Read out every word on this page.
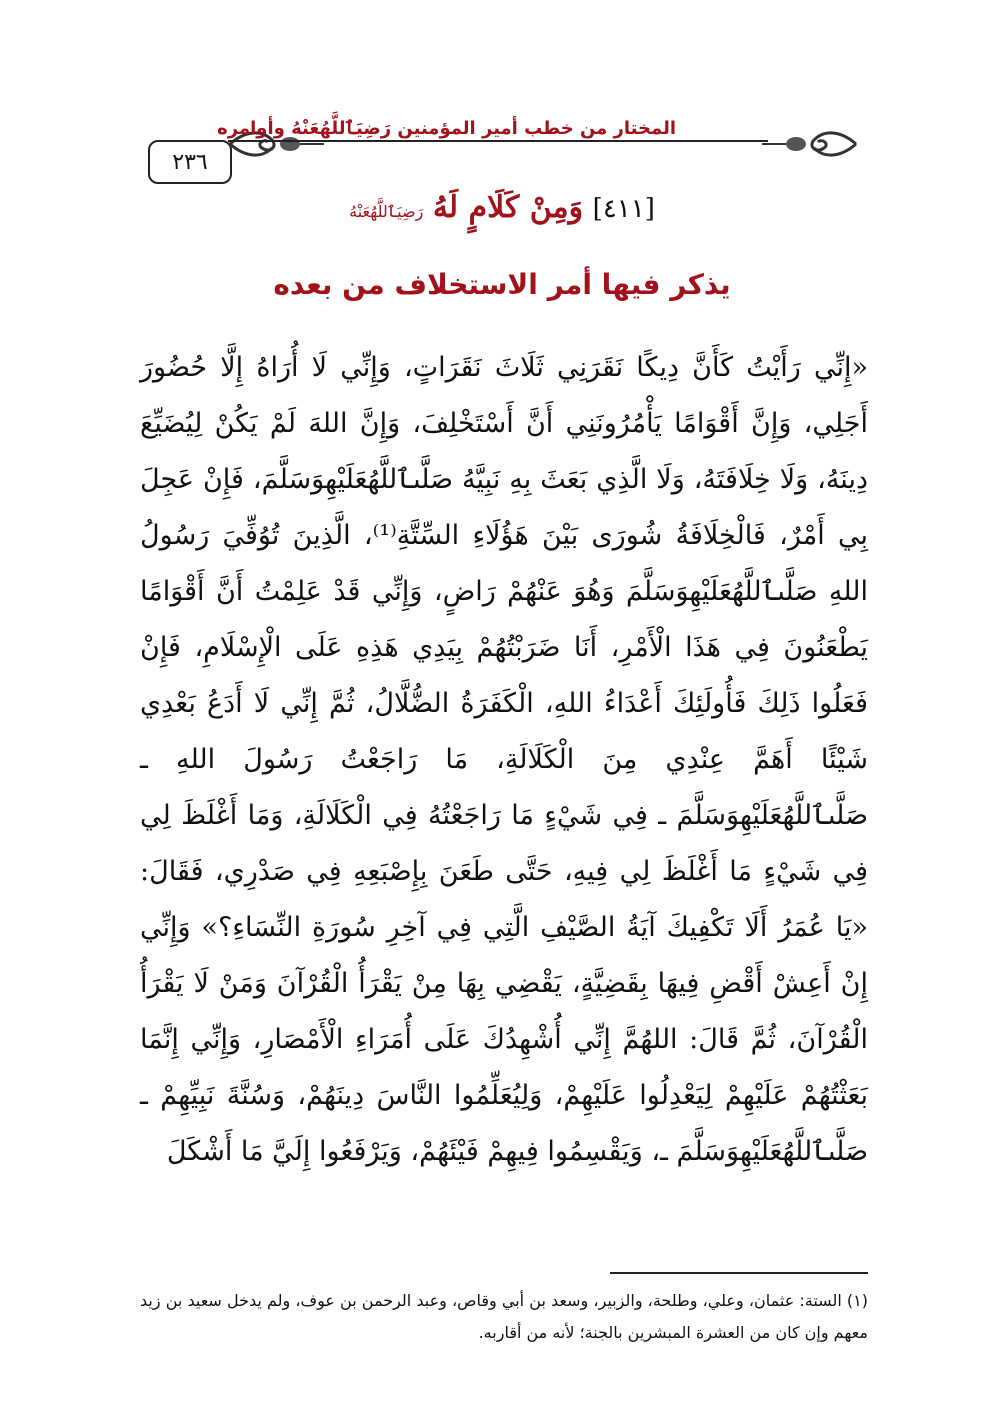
٢٣٦
المختار من خطب أمير المؤمنين رَضِيَٱللَّهُعَنْهُ وأوامره
[٤١١] وَمِنْ كَلَامٍ لَهُ رَضِيَٱللَّهُعَنْهُ
يذكر فيها أمر الاستخلاف من بعده
«إِنِّي رَأَيْتُ كَأَنَّ دِيكًا نَقَرَنِي ثَلَاثَ نَقَرَاتٍ، وَإِنِّي لَا أُرَاهُ إِلَّا حُضُورَ أَجَلِي، وَإِنَّ أَقْوَامًا يَأْمُرُونَنِي أَنَّ أَسْتَخْلِفَ، وَإِنَّ اللهَ لَمْ يَكُنْ لِيُضَيِّعَ دِينَهُ، وَلَا خِلَافَتَهُ، وَلَا الَّذِي بَعَثَ بِهِ نَبِيَّهُ صَلَّىٱللَّهُعَلَيْهِوَسَلَّمَ، فَإِنْ عَجِلَ بِي أَمْرٌ، فَالْخِلَافَةُ شُورَى بَيْنَ هَؤُلَاءِ السِّتَّةِ⁽¹⁾، الَّذِينَ تُوُفِّيَ رَسُولُ اللهِ صَلَّىٱللَّهُعَلَيْهِوَسَلَّمَ وَهُوَ عَنْهُمْ رَاضٍ، وَإِنِّي قَدْ عَلِمْتُ أَنَّ أَقْوَامًا يَطْعَنُونَ فِي هَذَا الْأَمْرِ، أَنَا ضَرَبْتُهُمْ بِيَدِي هَذِهِ عَلَى الْإِسْلَامِ، فَإِنْ فَعَلُوا ذَلِكَ فَأُولَئِكَ أَعْدَاءُ اللهِ، الْكَفَرَةُ الضُّلَّالُ، ثُمَّ إِنِّي لَا أَدَعُ بَعْدِي شَيْئًا أَهَمَّ عِنْدِي مِنَ الْكَلَالَةِ، مَا رَاجَعْتُ رَسُولَ اللهِ ـ صَلَّىٱللَّهُعَلَيْهِوَسَلَّمَ ـ فِي شَيْءٍ مَا رَاجَعْتُهُ فِي الْكَلَالَةِ، وَمَا أَغْلَظَ لِي فِي شَيْءٍ مَا أَغْلَظَ لِي فِيهِ، حَتَّى طَعَنَ بِإِصْبَعِهِ فِي صَدْرِي، فَقَالَ: «يَا عُمَرُ أَلَا تَكْفِيكَ آيَةُ الصَّيْفِ الَّتِي فِي آخِرِ سُورَةِ النِّسَاءِ؟» وَإِنِّي إِنْ أَعِشْ أَقْضِ فِيهَا بِقَضِيَّةٍ، يَقْضِي بِهَا مِنْ يَقْرَأُ الْقُرْآنَ وَمَنْ لَا يَقْرَأُ الْقُرْآنَ، ثُمَّ قَالَ: اللهُمَّ إِنِّي أُشْهِدُكَ عَلَى أُمَرَاءِ الْأَمْصَارِ، وَإِنِّي إِنَّمَا بَعَثْتُهُمْ عَلَيْهِمْ لِيَعْدِلُوا عَلَيْهِمْ، وَلِيُعَلِّمُوا النَّاسَ دِينَهُمْ، وَسُنَّةَ نَبِيِّهِمْ ـ صَلَّىٱللَّهُعَلَيْهِوَسَلَّمَ ـ، وَيَقْسِمُوا فِيهِمْ فَيْئَهُمْ، وَيَرْفَعُوا إِلَيَّ مَا أَشْكَلَ
(١) الستة: عثمان، وعلي، وطلحة، والزبير، وسعد بن أبي وقاص، وعبد الرحمن بن عوف، ولم يدخل سعيد بن زيد معهم وإن كان من العشرة المبشرين بالجنة؛ لأنه من أقاربه.
